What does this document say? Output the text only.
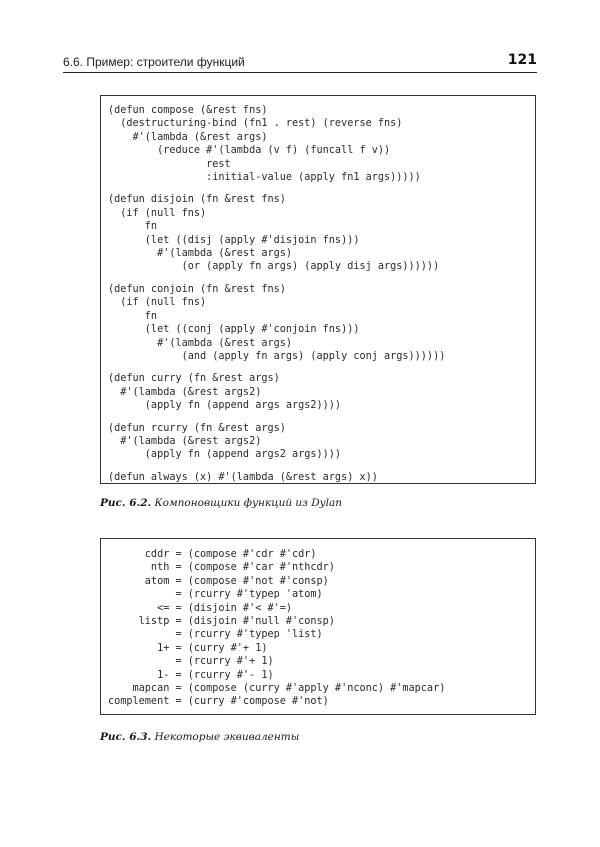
6.6. Пример: строители функций	121
(defun compose (&rest fns)
(destructuring-bind (fn1 . rest) (reverse fns)
#'(lambda (&rest args)
(reduce #'(lambda (v f) (funcall f v))
rest
:initial-value (apply fn1 args)))))
(defun disjoin (fn &rest fns)
(if (null fns)
fn
(let ((disj (apply #'disjoin fns)))
#'(lambda (&rest args)
(or (apply fn args) (apply disj args))))))
(defun conjoin (fn &rest fns)
(if (null fns)
fn
(let ((conj (apply #'conjoin fns)))
#'(lambda (&rest args)
(and (apply fn args) (apply conj args))))))
(defun curry (fn &rest args)
#'(lambda (&rest args2)
(apply fn (append args args2))))
(defun rcurry (fn &rest args)
#'(lambda (&rest args2)
(apply fn (append args2 args))))
(defun always (x) #'(lambda (&rest args) x))
Рис. 6.2. Компоновщики функций из Dylan
cddr = (compose #'cdr #'cdr)
nth = (compose #'car #'nthcdr)
atom = (compose #'not #'consp)
= (rcurry #'typep 'atom)
<= = (disjoin #'< #'=)
listp = (disjoin #'null #'consp)
= (rcurry #'typep 'list)
1+ = (curry #'+ 1)
= (rcurry #'+ 1)
1- = (rcurry #'- 1)
mapcan = (compose (curry #'apply #'nconc) #'mapcar)
complement = (curry #'compose #'not)
Рис. 6.3. Некоторые эквиваленты
